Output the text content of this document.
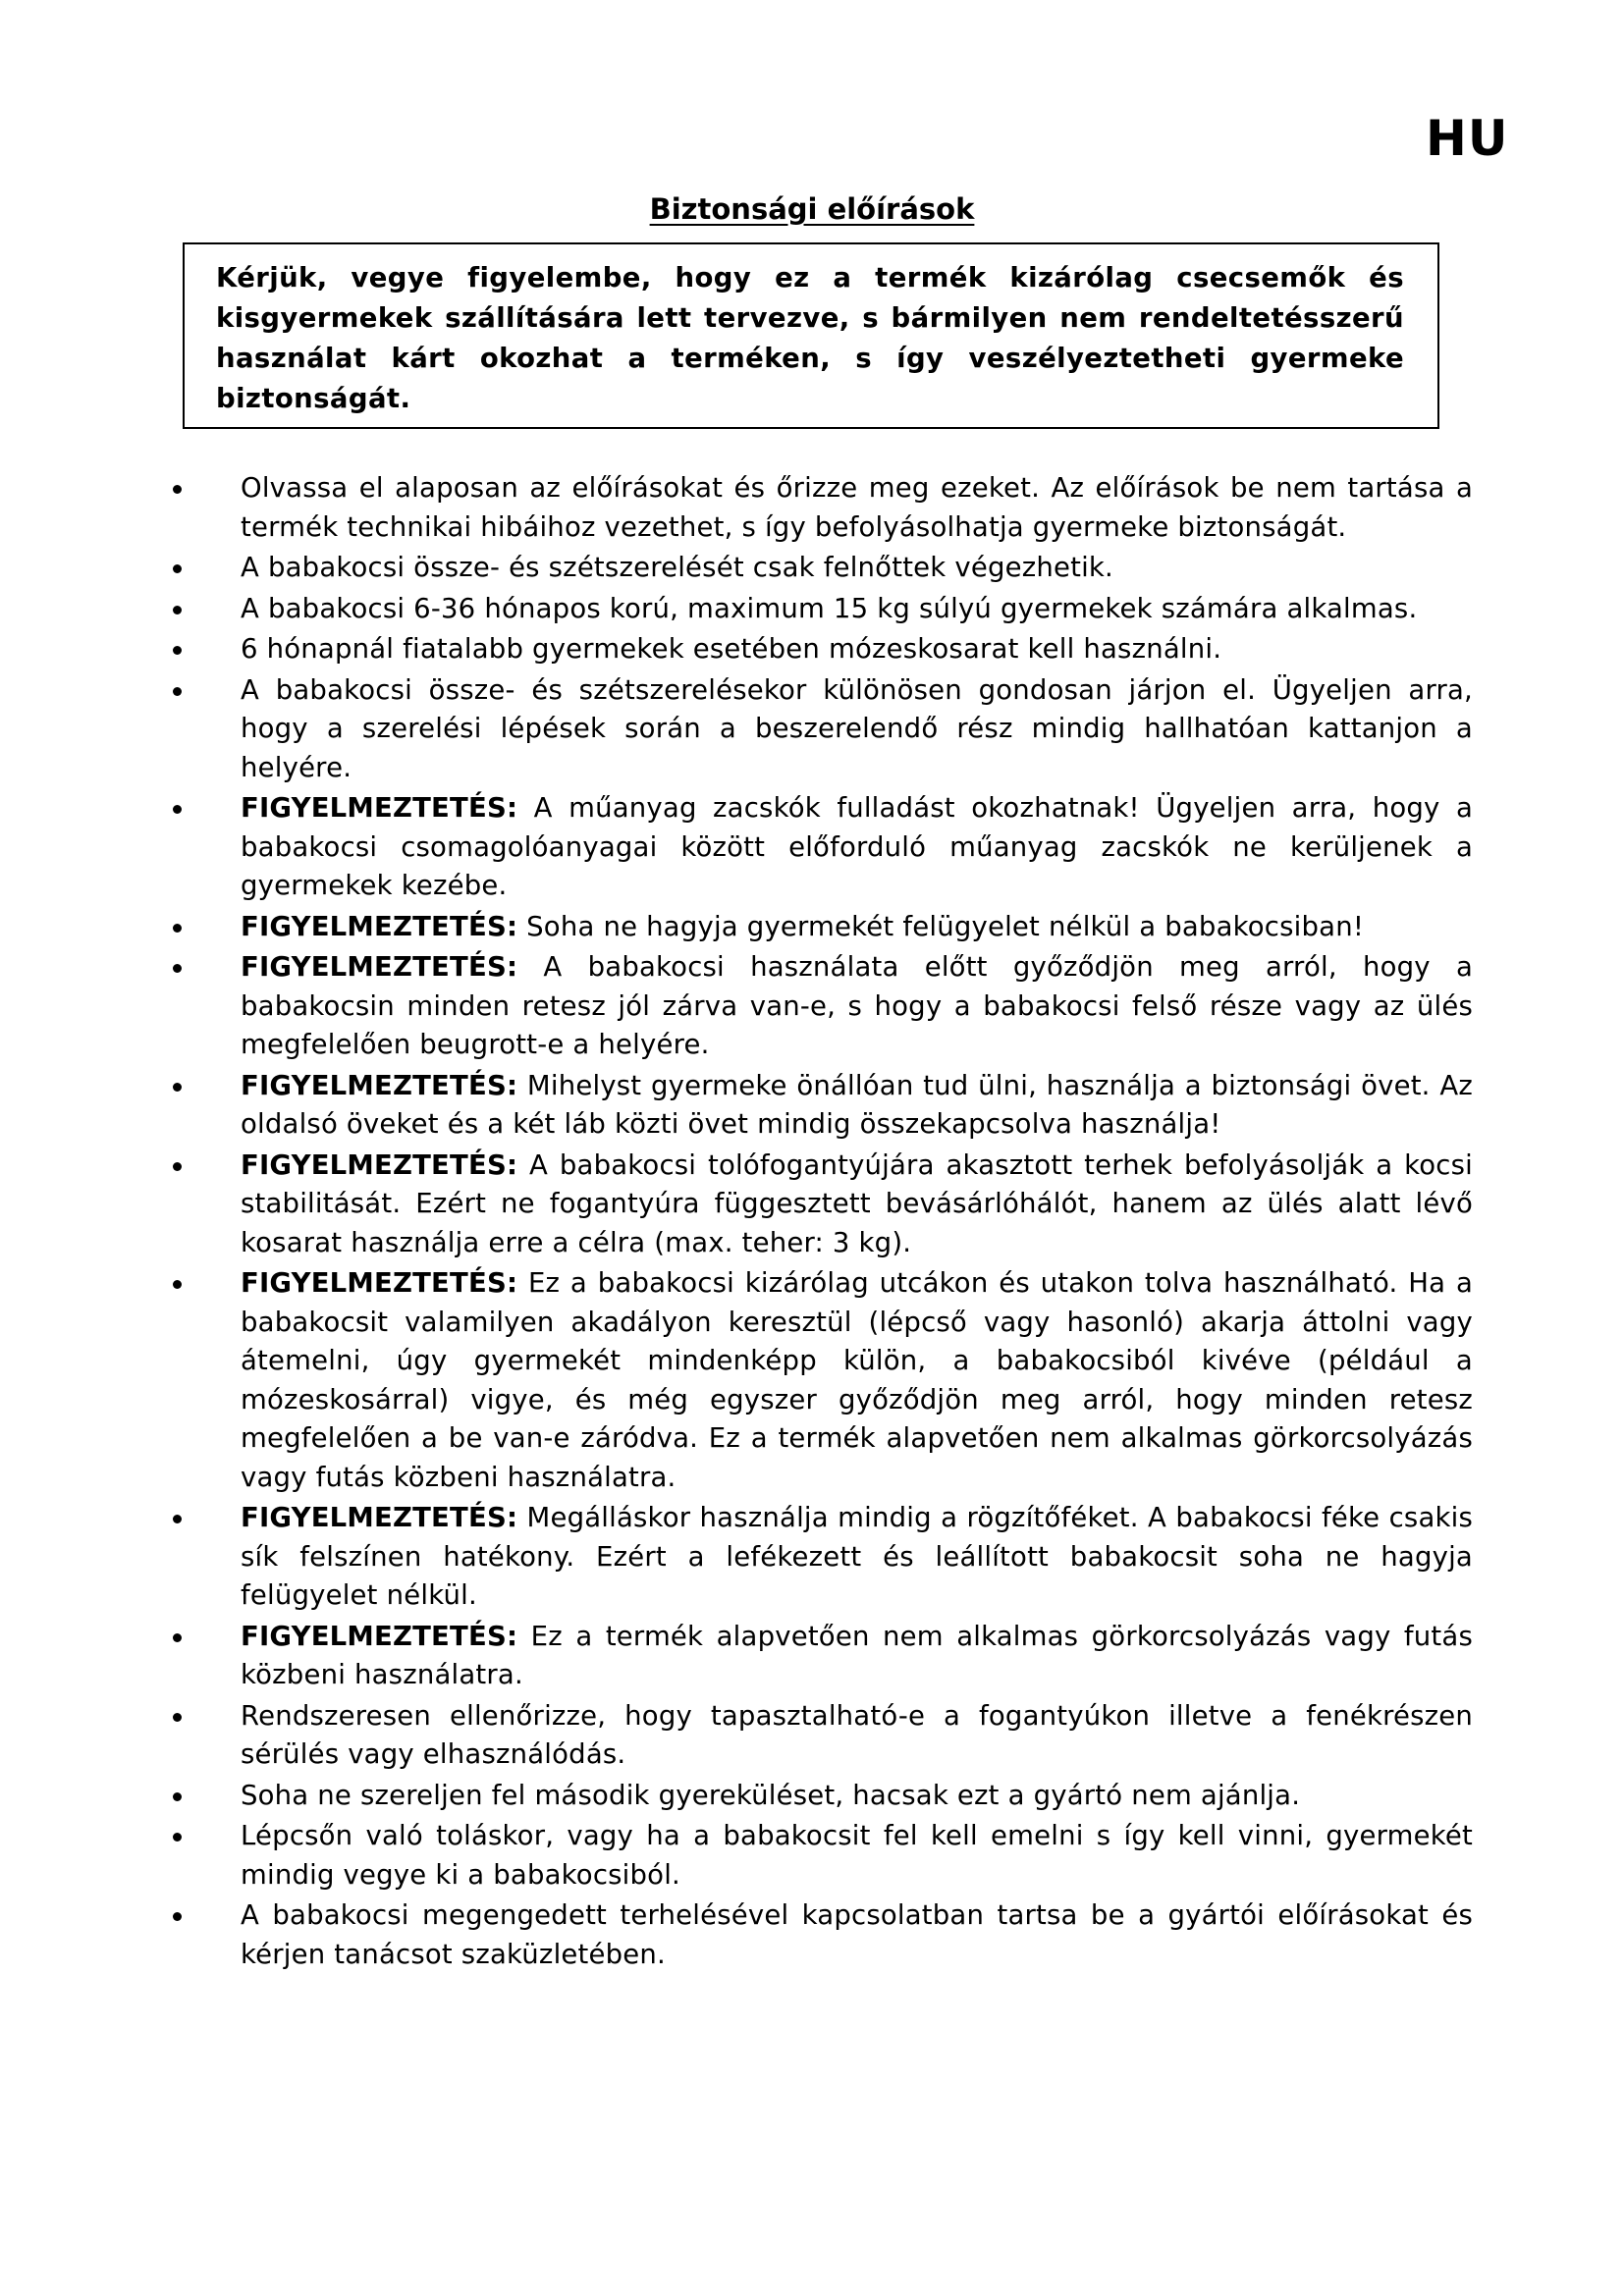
HU
Biztonsági előírások
Kérjük, vegye figyelembe, hogy ez a termék kizárólag csecsemők és kisgyermekek szállítására lett tervezve, s bármilyen nem rendeltetésszerű használat kárt okozhat a terméken, s így veszélyeztetheti gyermeke biztonságát.
Olvassa el alaposan az előírásokat és őrizze meg ezeket. Az előírások be nem tartása a termék technikai hibáihoz vezethet, s így befolyásolhatja gyermeke biztonságát.
A babakocsi össze- és szétszerelését csak felnőttek végezhetik.
A babakocsi 6-36 hónapos korú, maximum 15 kg súlyú gyermekek számára alkalmas.
6 hónapnál fiatalabb gyermekek esetében mózeskosarat kell használni.
A babakocsi össze- és szétszerelésekor különösen gondosan járjon el. Ügyeljen arra, hogy a szerelési lépések során a beszerelendő rész mindig hallhatóan kattanjon a helyére.
FIGYELMEZTETÉS: A műanyag zacskók fulladást okozhatnak! Ügyeljen arra, hogy a babakocsi csomagolóanyagai között előforduló műanyag zacskók ne kerüljenek a gyermekek kezébe.
FIGYELMEZTETÉS: Soha ne hagyja gyermekét felügyelet nélkül a babakocsiban!
FIGYELMEZTETÉS: A babakocsi használata előtt győződjön meg arról, hogy a babakocsin minden retesz jól zárva van-e, s hogy a babakocsi felső része vagy az ülés megfelelően beugrott-e a helyére.
FIGYELMEZTETÉS: Mihelyst gyermeke önállóan tud ülni, használja a biztonsági övet. Az oldalsó öveket és a két láb közti övet mindig összekapcsolva használja!
FIGYELMEZTETÉS: A babakocsi tolófogantyújára akasztott terhek befolyásolják a kocsi stabilitását. Ezért ne fogantyúra függesztett bevásárlóhálót, hanem az ülés alatt lévő kosarat használja erre a célra (max. teher: 3 kg).
FIGYELMEZTETÉS: Ez a babakocsi kizárólag utcákon és utakon tolva használható. Ha a babakocsit valamilyen akadályon keresztül (lépcső vagy hasonló) akarja áttolni vagy átemelni, úgy gyermekét mindenképp külön, a babakocsiból kivéve (például a mózeskosárral) vigye, és még egyszer győződjön meg arról, hogy minden retesz megfelelően a be van-e záródva. Ez a termék alapvetően nem alkalmas görkorcsolyázás vagy futás közbeni használatra.
FIGYELMEZTETÉS: Megálláskor használja mindig a rögzítőféket. A babakocsi féke csakis sík felszínen hatékony. Ezért a lefékezett és leállított babakocsit soha ne hagyja felügyelet nélkül.
FIGYELMEZTETÉS: Ez a termék alapvetően nem alkalmas görkorcsolyázás vagy futás közbeni használatra.
Rendszeresen ellenőrizze, hogy tapasztalható-e a fogantyúkon illetve a fenékrészen sérülés vagy elhasználódás.
Soha ne szereljen fel második gyereküléset, hacsak ezt a gyártó nem ajánlja.
Lépcsőn való toláskor, vagy ha a babakocsit fel kell emelni s így kell vinni, gyermekét mindig vegye ki a babakocsiból.
A babakocsi megengedett terhelésével kapcsolatban tartsa be a gyártói előírásokat és kérjen tanácsot szaküzletében.
